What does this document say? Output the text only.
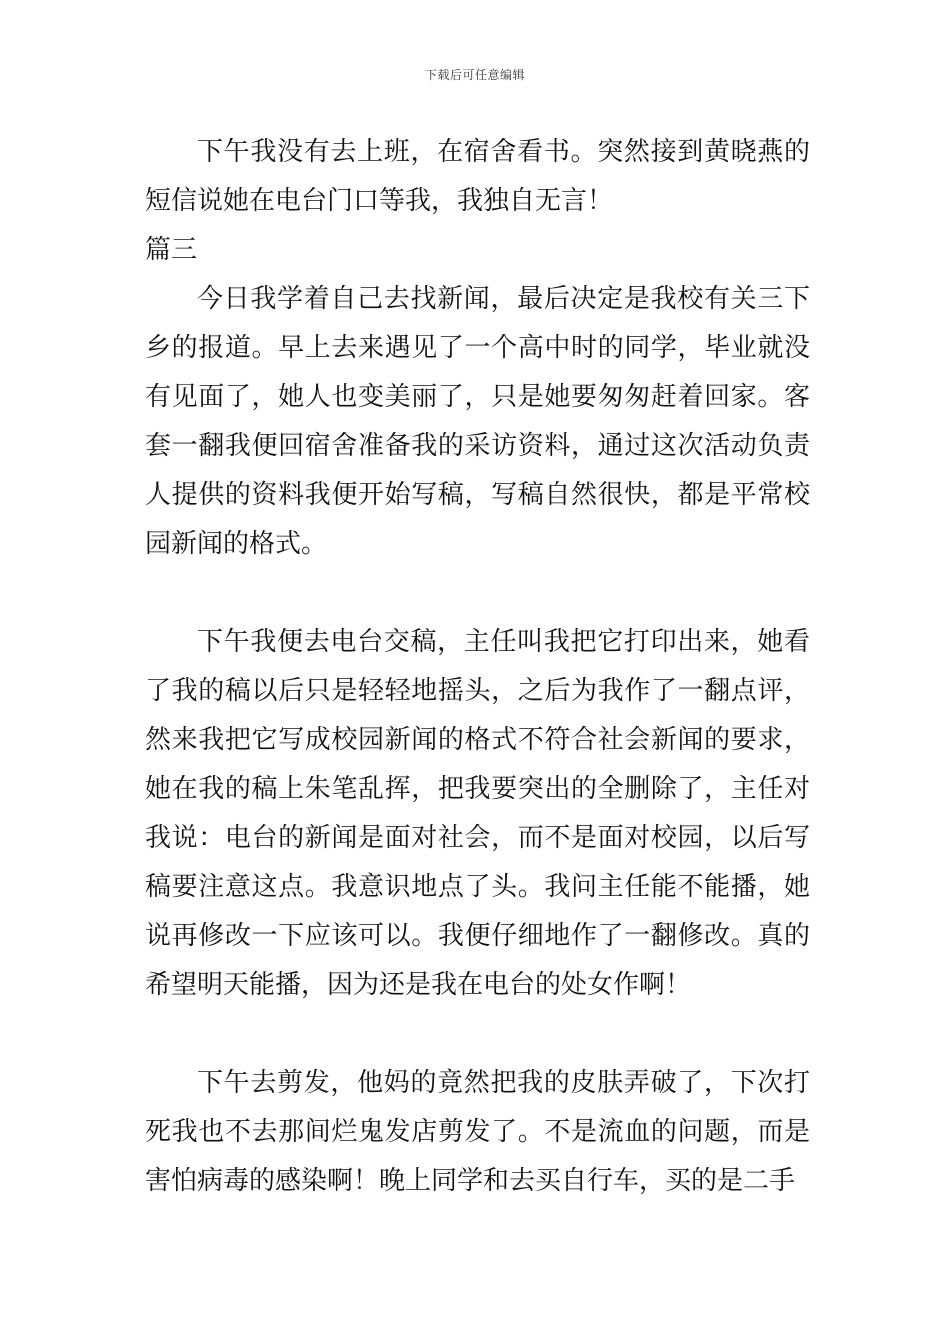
下载后可任意编辑

下午我没有去上班，在宿舍看书。突然接到黄晓燕的短信说她在电台门口等我，我独自无言！

篇三

今日我学着自己去找新闻，最后决定是我校有关三下乡的报道。早上去来遇见了一个高中时的同学，毕业就没有见面了，她人也变美丽了，只是她要匆匆赶着回家。客套一翻我便回宿舍准备我的采访资料，通过这次活动负责人提供的资料我便开始写稿，写稿自然很快，都是平常校园新闻的格式。

下午我便去电台交稿，主任叫我把它打印出来，她看了我的稿以后只是轻轻地摇头，之后为我作了一翻点评，然来我把它写成校园新闻的格式不符合社会新闻的要求，她在我的稿上朱笔乱挥，把我要突出的全删除了，主任对我说：电台的新闻是面对社会，而不是面对校园，以后写稿要注意这点。我意识地点了头。我问主任能不能播，她说再修改一下应该可以。我便仔细地作了一翻修改。真的希望明天能播，因为还是我在电台的处女作啊！

下午去剪发，他妈的竟然把我的皮肤弄破了，下次打死我也不去那间烂鬼发店剪发了。不是流血的问题，而是害怕病毒的感染啊！晚上同学和去买自行车，买的是二手
